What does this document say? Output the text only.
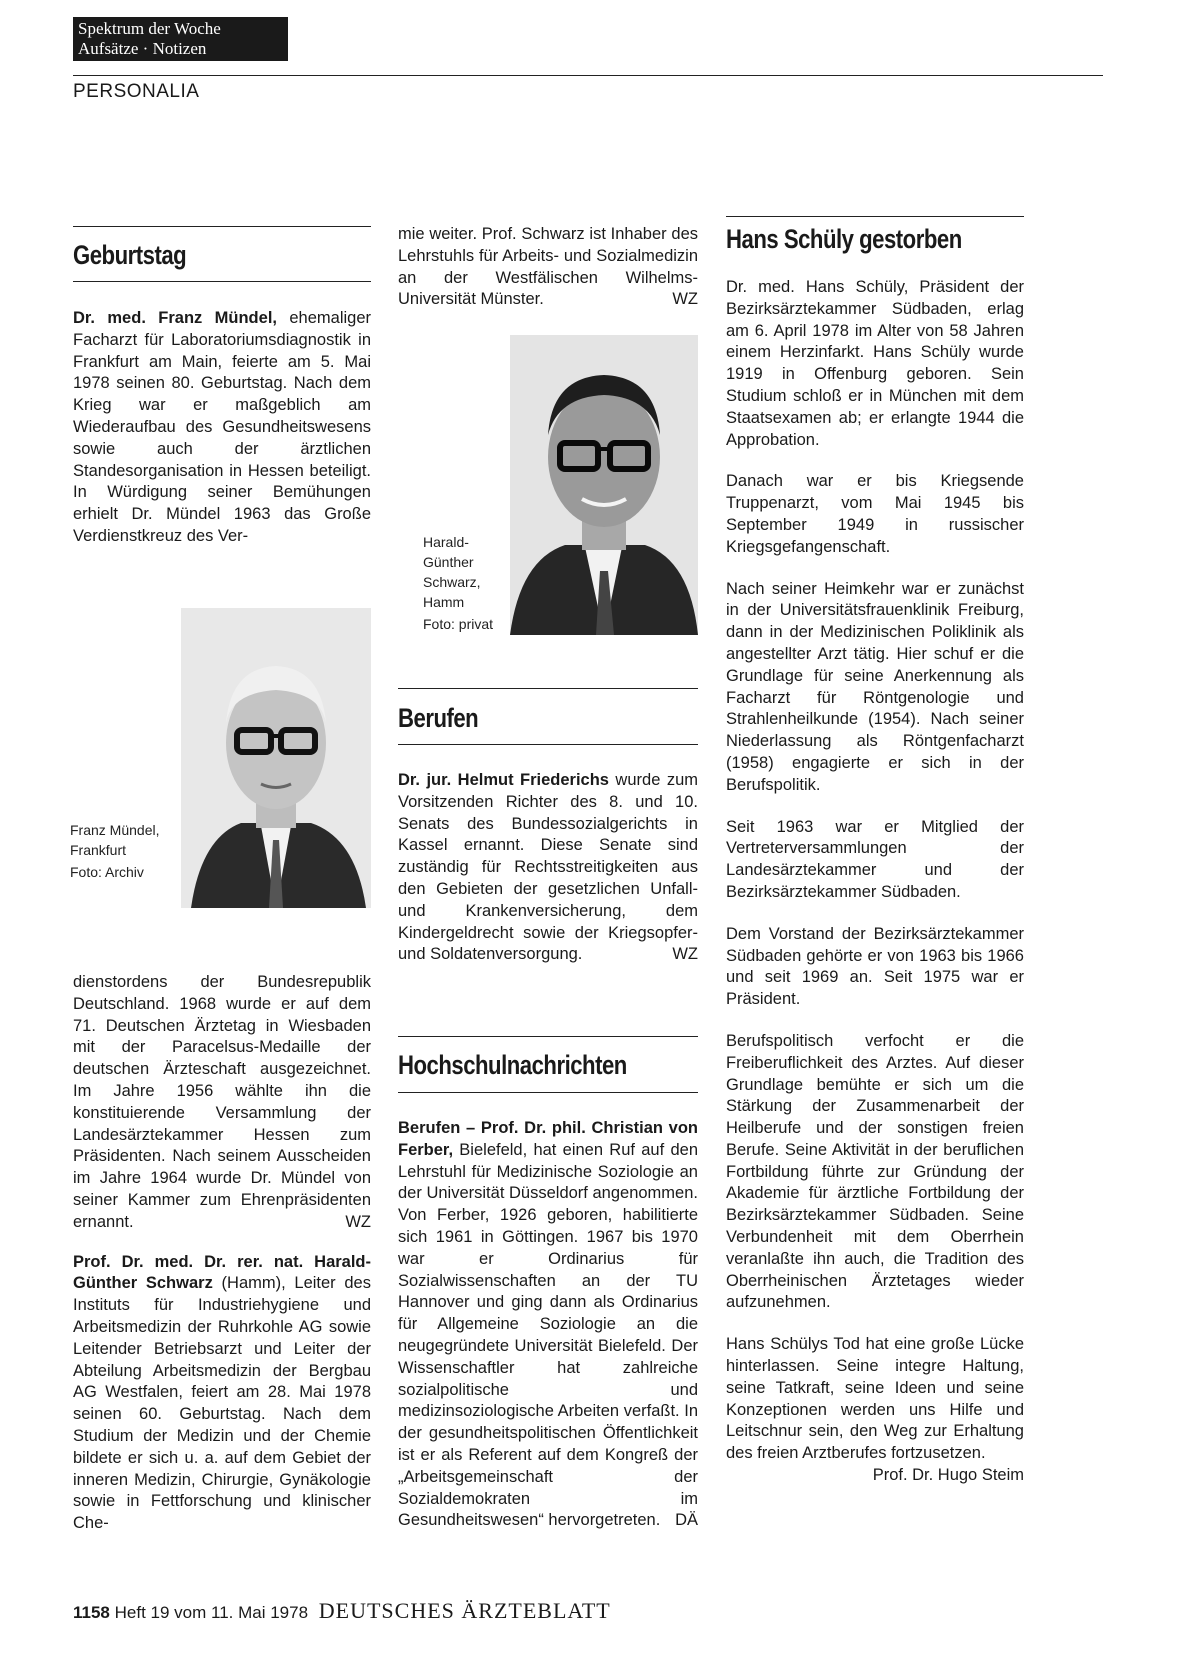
Spektrum der Woche
Aufsätze · Notizen
PERSONALIA
Geburtstag

Dr. med. Franz Mündel, ehemaliger Facharzt für Laboratoriumsdiagnostik in Frankfurt am Main, feierte am 5. Mai 1978 seinen 80. Geburtstag. Nach dem Krieg war er maßgeblich am Wiederaufbau des Gesundheitswesens sowie auch der ärztlichen Standesorganisation in Hessen beteiligt. In Würdigung seiner Bemühungen erhielt Dr. Mündel 1963 das Große Verdienstkreuz des Ver-

Franz Mündel, Frankfurt
Foto: Archiv

dienstordens der Bundesrepublik Deutschland. 1968 wurde er auf dem 71. Deutschen Ärztetag in Wiesbaden mit der Paracelsus-Medaille der deutschen Ärzteschaft ausgezeichnet. Im Jahre 1956 wählte ihn die konstituierende Versammlung der Landesärztekammer Hessen zum Präsidenten. Nach seinem Ausscheiden im Jahre 1964 wurde Dr. Mündel von seiner Kammer zum Ehrenpräsidenten ernannt.	WZ

Prof. Dr. med. Dr. rer. nat. Harald-Günther Schwarz (Hamm), Leiter des Instituts für Industriehygiene und Arbeitsmedizin der Ruhrkohle AG sowie Leitender Betriebsarzt und Leiter der Abteilung Arbeitsmedizin der Bergbau AG Westfalen, feiert am 28. Mai 1978 seinen 60. Geburtstag. Nach dem Studium der Medizin und der Chemie bildete er sich u. a. auf dem Gebiet der inneren Medizin, Chirurgie, Gynäkologie sowie in Fettforschung und klinischer Che-

mie weiter. Prof. Schwarz ist Inhaber des Lehrstuhls für Arbeits- und Sozialmedizin an der Westfälischen Wilhelms-Universität Münster.	WZ

Harald-Günther Schwarz, Hamm
Foto: privat
Berufen

Dr. jur. Helmut Friederichs wurde zum Vorsitzenden Richter des 8. und 10. Senats des Bundessozialgerichts in Kassel ernannt. Diese Senate sind zuständig für Rechtsstreitigkeiten aus den Gebieten der gesetzlichen Unfall- und Krankenversicherung, dem Kindergeldrecht sowie der Kriegsopfer- und Soldatenversorgung.	WZ

Hochschulnachrichten

Berufen – Prof. Dr. phil. Christian von Ferber, Bielefeld, hat einen Ruf auf den Lehrstuhl für Medizinische Soziologie an der Universität Düsseldorf angenommen. Von Ferber, 1926 geboren, habilitierte sich 1961 in Göttingen. 1967 bis 1970 war er Ordinarius für Sozialwissenschaften an der TU Hannover und ging dann als Ordinarius für Allgemeine Soziologie an die neugegründete Universität Bielefeld. Der Wissenschaftler hat zahlreiche sozialpolitische und medizinsoziologische Arbeiten verfaßt. In der gesundheitspolitischen Öffentlichkeit ist er als Referent auf dem Kongreß der „Arbeitsgemeinschaft der Sozialdemokraten im Gesundheitswesen“ hervorgetreten. DÄ

Hans Schüly gestorben

Dr. med. Hans Schüly, Präsident der Bezirksärztekammer Südbaden, erlag am 6. April 1978 im Alter von 58 Jahren einem Herzinfarkt. Hans Schüly wurde 1919 in Offenburg geboren. Sein Studium schloß er in München mit dem Staatsexamen ab; er erlangte 1944 die Approbation.

Danach war er bis Kriegsende Truppenarzt, vom Mai 1945 bis September 1949 in russischer Kriegsgefangenschaft.

Nach seiner Heimkehr war er zunächst in der Universitätsfrauenklinik Freiburg, dann in der Medizinischen Poliklinik als angestellter Arzt tätig. Hier schuf er die Grundlage für seine Anerkennung als Facharzt für Röntgenologie und Strahlenheilkunde (1954). Nach seiner Niederlassung als Röntgenfacharzt (1958) engagierte er sich in der Berufspolitik.

Seit 1963 war er Mitglied der Vertreterversammlungen der Landesärztekammer und der Bezirksärztekammer Südbaden.

Dem Vorstand der Bezirksärztekammer Südbaden gehörte er von 1963 bis 1966 und seit 1969 an. Seit 1975 war er Präsident.

Berufspolitisch verfocht er die Freiberuflichkeit des Arztes. Auf dieser Grundlage bemühte er sich um die Stärkung der Zusammenarbeit der Heilberufe und der sonstigen freien Berufe. Seine Aktivität in der beruflichen Fortbildung führte zur Gründung der Akademie für ärztliche Fortbildung der Bezirksärztekammer Südbaden. Seine Verbundenheit mit dem Oberrhein veranlaßte ihn auch, die Tradition des Oberrheinischen Ärztetages wieder aufzunehmen.

Hans Schülys Tod hat eine große Lücke hinterlassen. Seine integre Haltung, seine Tatkraft, seine Ideen und seine Konzeptionen werden uns Hilfe und Leitschnur sein, den Weg zur Erhaltung des freien Arztberufes fortzusetzen.
Prof. Dr. Hugo Steim

1158 Heft 19 vom 11. Mai 1978 DEUTSCHES ÄRZTEBLATT
